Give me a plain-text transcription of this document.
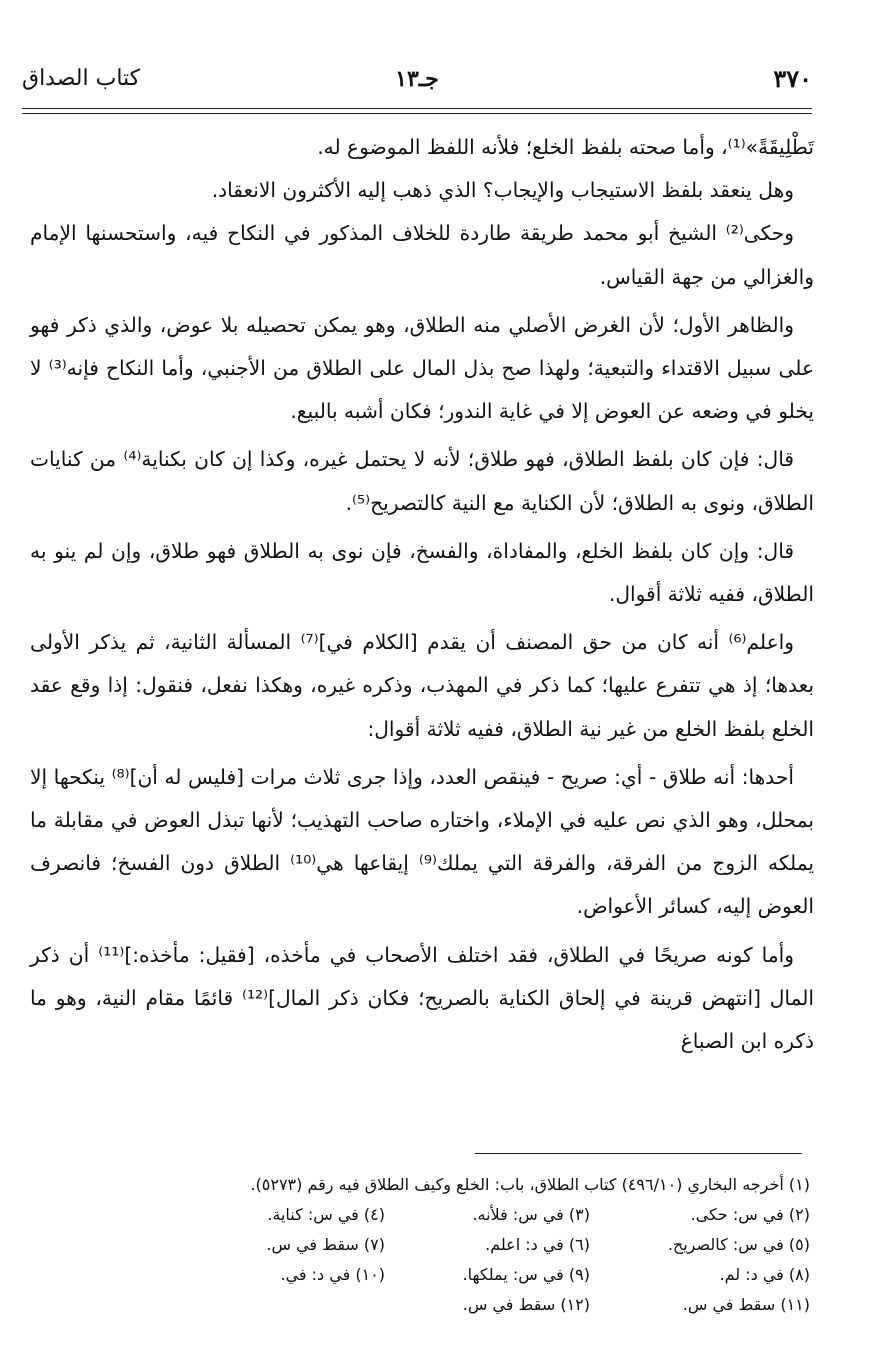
٣٧٠
جـ١٣
كتاب الصداق

تَطْلِيقَةً»⁽¹⁾، وأما صحته بلفظ الخلع؛ فلأنه اللفظ الموضوع له.

وهل ينعقد بلفظ الاستيجاب والإيجاب؟ الذي ذهب إليه الأكثرون الانعقاد.

وحكى⁽²⁾ الشيخ أبو محمد طريقة طاردة للخلاف المذكور في النكاح فيه، واستحسنها الإمام والغزالي من جهة القياس.

والظاهر الأول؛ لأن الغرض الأصلي منه الطلاق، وهو يمكن تحصيله بلا عوض، والذي ذكر فهو على سبيل الاقتداء والتبعية؛ ولهذا صح بذل المال على الطلاق من الأجنبي، وأما النكاح فإنه⁽³⁾ لا يخلو في وضعه عن العوض إلا في غاية الندور؛ فكان أشبه بالبيع.

قال: فإن كان بلفظ الطلاق، فهو طلاق؛ لأنه لا يحتمل غيره، وكذا إن كان بكناية⁽⁴⁾ من كنايات الطلاق، ونوى به الطلاق؛ لأن الكناية مع النية كالتصريح⁽⁵⁾.

قال: وإن كان بلفظ الخلع، والمفاداة، والفسخ، فإن نوى به الطلاق فهو طلاق، وإن لم ينو به الطلاق، ففيه ثلاثة أقوال.

واعلم⁽⁶⁾ أنه كان من حق المصنف أن يقدم [الكلام في]⁽⁷⁾ المسألة الثانية، ثم يذكر الأولى بعدها؛ إذ هي تتفرع عليها؛ كما ذكر في المهذب، وذكره غيره، وهكذا نفعل، فنقول: إذا وقع عقد الخلع بلفظ الخلع من غير نية الطلاق، ففيه ثلاثة أقوال:

أحدها: أنه طلاق - أي: صريح - فينقص العدد، وإذا جرى ثلاث مرات [فليس له أن]⁽⁸⁾ ينكحها إلا بمحلل، وهو الذي نص عليه في الإملاء، واختاره صاحب التهذيب؛ لأنها تبذل العوض في مقابلة ما يملكه الزوج من الفرقة، والفرقة التي يملك⁽⁹⁾ إيقاعها هي⁽¹⁰⁾ الطلاق دون الفسخ؛ فانصرف العوض إليه، كسائر الأعواض.

وأما كونه صريحًا في الطلاق، فقد اختلف الأصحاب في مأخذه، [فقيل: مأخذه:]⁽¹¹⁾ أن ذكر المال [انتهض قرينة في إلحاق الكناية بالصريح؛ فكان ذكر المال]⁽¹²⁾ قائمًا مقام النية، وهو ما ذكره ابن الصباغ

(١) أخرجه البخاري (٤٩٦/١٠) كتاب الطلاق، باب: الخلع وكيف الطلاق فيه رقم (٥٢٧٣).
(٢) في س: حكى.
(٣) في س: فلأنه.
(٤) في س: كناية.
(٥) في س: كالصريح.
(٦) في د: اعلم.
(٧) سقط في س.
(٨) في د: لم.
(٩) في س: يملكها.
(١٠) في د: في.
(١١) سقط في س.
(١٢) سقط في س.
